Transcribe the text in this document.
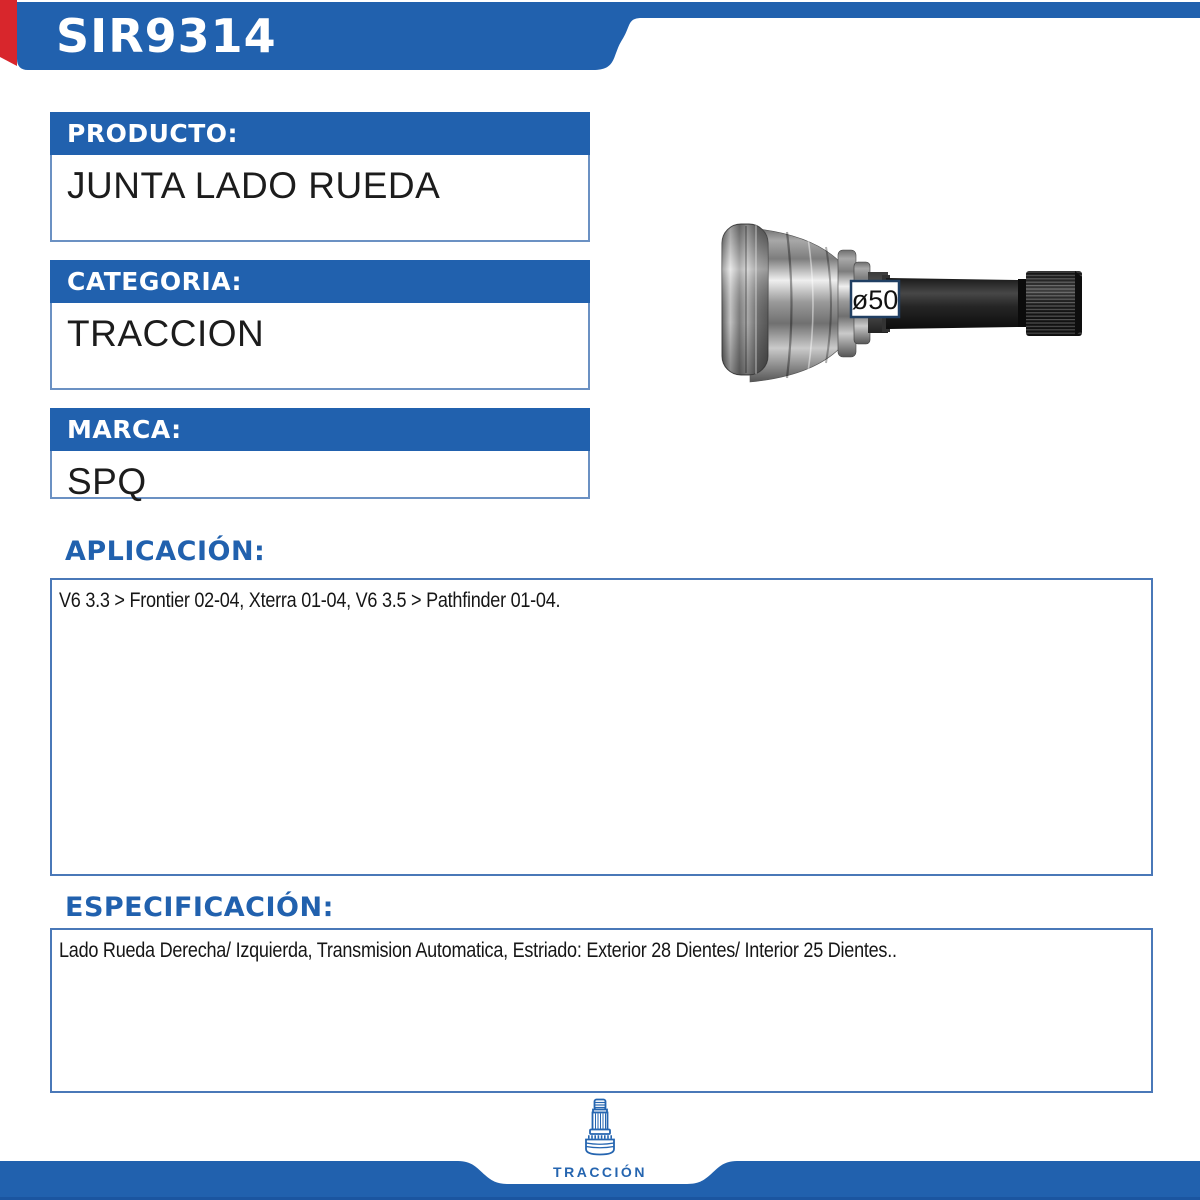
SIR9314
PRODUCTO:
JUNTA LADO RUEDA
CATEGORIA:
TRACCION
MARCA:
SPQ
ø50
APLICACIÓN:
V6 3.3 > Frontier 02-04, Xterra 01-04, V6 3.5 > Pathfinder 01-04.
ESPECIFICACIÓN:
Lado Rueda Derecha/ Izquierda, Transmision Automatica, Estriado: Exterior 28 Dientes/ Interior 25 Dientes..
TRACCIÓN
